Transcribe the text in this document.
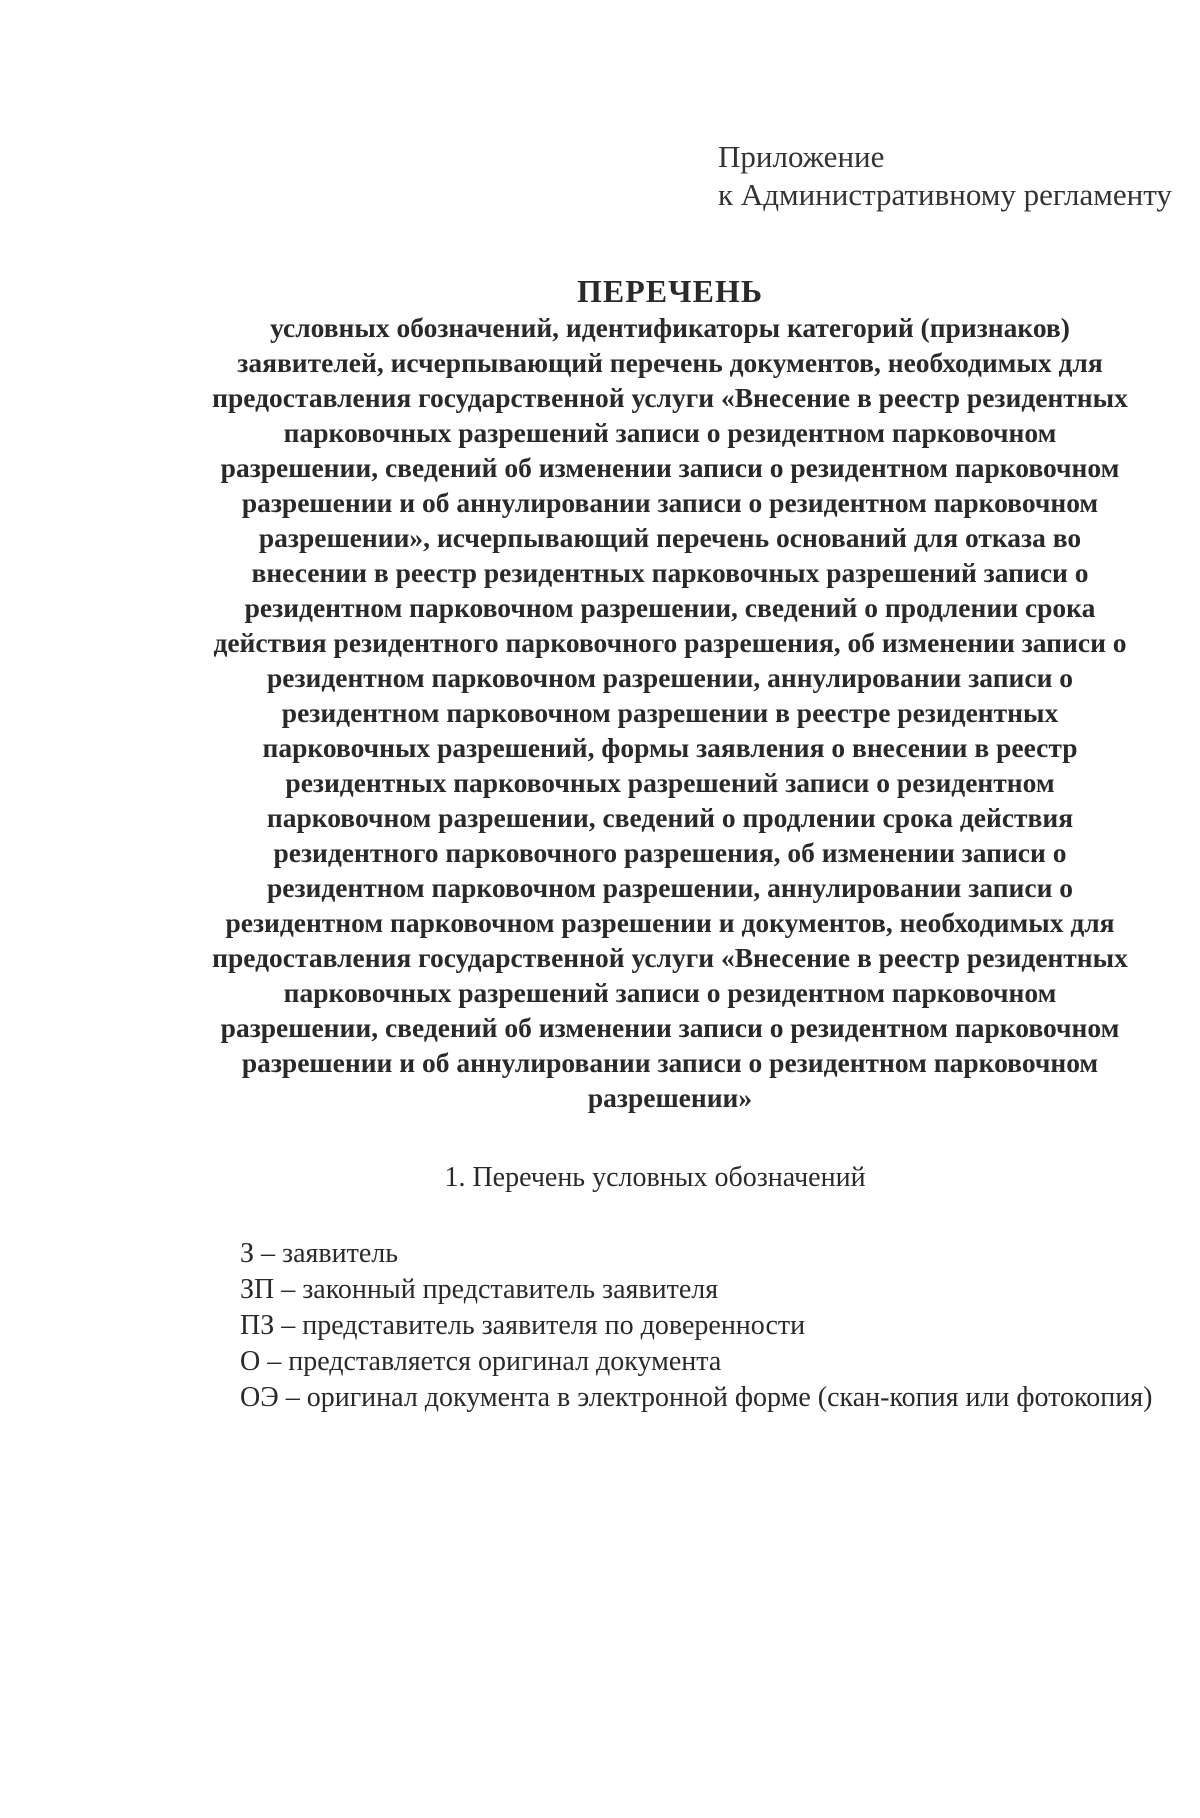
Приложение
к Административному регламенту
ПЕРЕЧЕНЬ
условных обозначений, идентификаторы категорий (признаков)
заявителей, исчерпывающий перечень документов, необходимых для
предоставления государственной услуги «Внесение в реестр резидентных
парковочных разрешений записи о резидентном парковочном
разрешении, сведений об изменении записи о резидентном парковочном
разрешении и об аннулировании записи о резидентном парковочном
разрешении», исчерпывающий перечень оснований для отказа во
внесении в реестр резидентных парковочных разрешений записи о
резидентном парковочном разрешении, сведений о продлении срока
действия резидентного парковочного разрешения, об изменении записи о
резидентном парковочном разрешении, аннулировании записи о
резидентном парковочном разрешении в реестре резидентных
парковочных разрешений, формы заявления о внесении в реестр
резидентных парковочных разрешений записи о резидентном
парковочном разрешении, сведений о продлении срока действия
резидентного парковочного разрешения, об изменении записи о
резидентном парковочном разрешении, аннулировании записи о
резидентном парковочном разрешении и документов, необходимых для
предоставления государственной услуги «Внесение в реестр резидентных
парковочных разрешений записи о резидентном парковочном
разрешении, сведений об изменении записи о резидентном парковочном
разрешении и об аннулировании записи о резидентном парковочном
разрешении»
1. Перечень условных обозначений
З – заявитель
ЗП – законный представитель заявителя
ПЗ – представитель заявителя по доверенности
О – представляется оригинал документа
ОЭ – оригинал документа в электронной форме (скан-копия или фотокопия)
